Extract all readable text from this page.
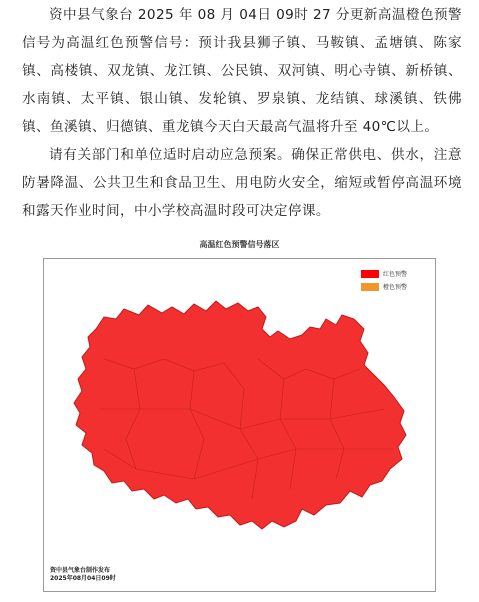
资中县气象台 2025 年 08 月 04日 09时 27 分更新高温橙色预警信号为高温红色预警信号：预计我县狮子镇、马鞍镇、孟塘镇、陈家镇、高楼镇、双龙镇、龙江镇、公民镇、双河镇、明心寺镇、新桥镇、水南镇、太平镇、银山镇、发轮镇、罗泉镇、龙结镇、球溪镇、铁佛镇、鱼溪镇、归德镇、重龙镇今天白天最高气温将升至 40℃以上。

请有关部门和单位适时启动应急预案。确保正常供电、供水，注意防暑降温、公共卫生和食品卫生、用电防火安全，缩短或暂停高温环境和露天作业时间，中小学校高温时段可决定停课。

高温红色预警信号落区
红色预警
橙色预警
资中县气象台制作发布
2025年08月04日09时
